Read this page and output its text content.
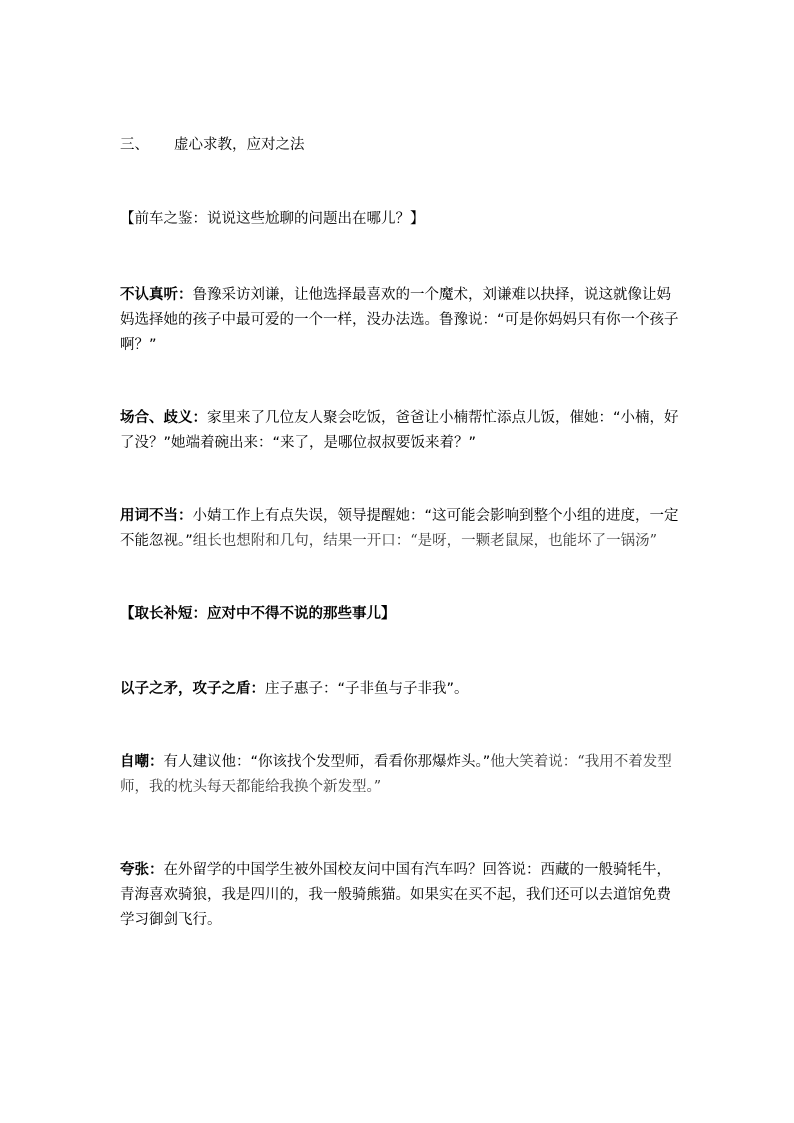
三、 虚心求教，应对之法
【前车之鉴：说说这些尬聊的问题出在哪儿？】
不认真听：鲁豫采访刘谦，让他选择最喜欢的一个魔术，刘谦难以抉择，说这就像让妈妈选择她的孩子中最可爱的一个一样，没办法选。鲁豫说：“可是你妈妈只有你一个孩子啊？”
场合、歧义：家里来了几位友人聚会吃饭，爸爸让小楠帮忙添点儿饭，催她：“小楠，好了没？”她端着碗出来：“来了，是哪位叔叔要饭来着？”
用词不当：小婧工作上有点失误，领导提醒她：“这可能会影响到整个小组的进度，一定不能忽视。”组长也想附和几句，结果一开口：“是呀，一颗老鼠屎，也能坏了一锅汤”
【取长补短：应对中不得不说的那些事儿】
以子之矛，攻子之盾：庄子惠子：“子非鱼与子非我”。
自嘲：有人建议他：“你该找个发型师，看看你那爆炸头。”他大笑着说：“我用不着发型师，我的枕头每天都能给我换个新发型。”
夸张：在外留学的中国学生被外国校友问中国有汽车吗？回答说：西藏的一般骑牦牛，青海喜欢骑狼，我是四川的，我一般骑熊猫。如果实在买不起，我们还可以去道馆免费学习御剑飞行。
